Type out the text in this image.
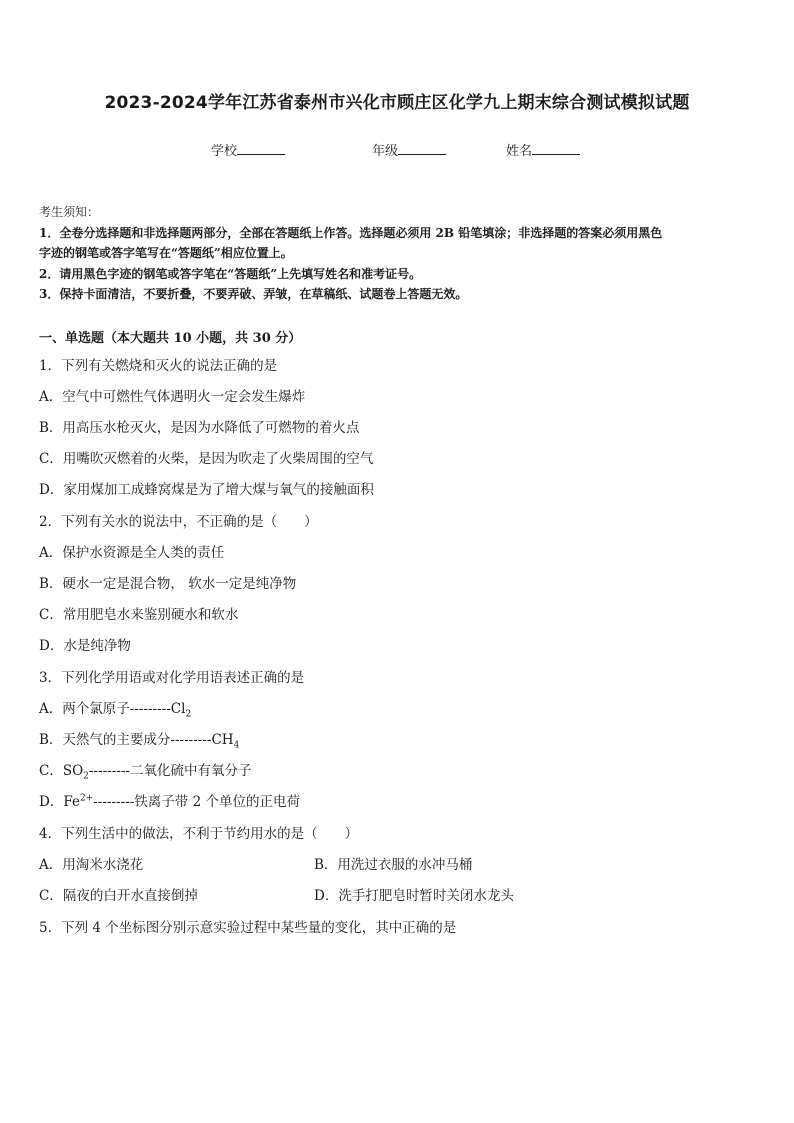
2023-2024学年江苏省泰州市兴化市顾庄区化学九上期末综合测试模拟试题
学校	年级	姓名
考生须知：
1．全卷分选择题和非选择题两部分，全部在答题纸上作答。选择题必须用 2B 铅笔填涂；非选择题的答案必须用黑色
字迹的钢笔或答字笔写在“答题纸”相应位置上。
2．请用黑色字迹的钢笔或答字笔在“答题纸”上先填写姓名和准考证号。
3．保持卡面清洁，不要折叠，不要弄破、弄皱，在草稿纸、试题卷上答题无效。
一、单选题（本大题共 10 小题，共 30 分）
1．下列有关燃烧和灭火的说法正确的是
A．空气中可燃性气体遇明火一定会发生爆炸
B．用高压水枪灭火，是因为水降低了可燃物的着火点
C．用嘴吹灭燃着的火柴，是因为吹走了火柴周围的空气
D．家用煤加工成蜂窝煤是为了增大煤与氧气的接触面积
2．下列有关水的说法中，不正确的是（　　）
A．保护水资源是全人类的责任
B．硬水一定是混合物， 软水一定是纯净物
C．常用肥皂水来鉴别硬水和软水
D．水是纯净物
3．下列化学用语或对化学用语表述正确的是
A．两个氯原子$---------Cl_2$
B．天然气的主要成分$---------CH_4$
C．$SO_2---------$二氧化硫中有氧分子
D．$Fe^{2+}---------$铁离子带 2 个单位的正电荷
4．下列生活中的做法，不利于节约用水的是（　　）
A．用淘米水浇花	B．用洗过衣服的水冲马桶
C．隔夜的白开水直接倒掉	D．洗手打肥皂时暂时关闭水龙头
5．下列 4 个坐标图分别示意实验过程中某些量的变化，其中正确的是
